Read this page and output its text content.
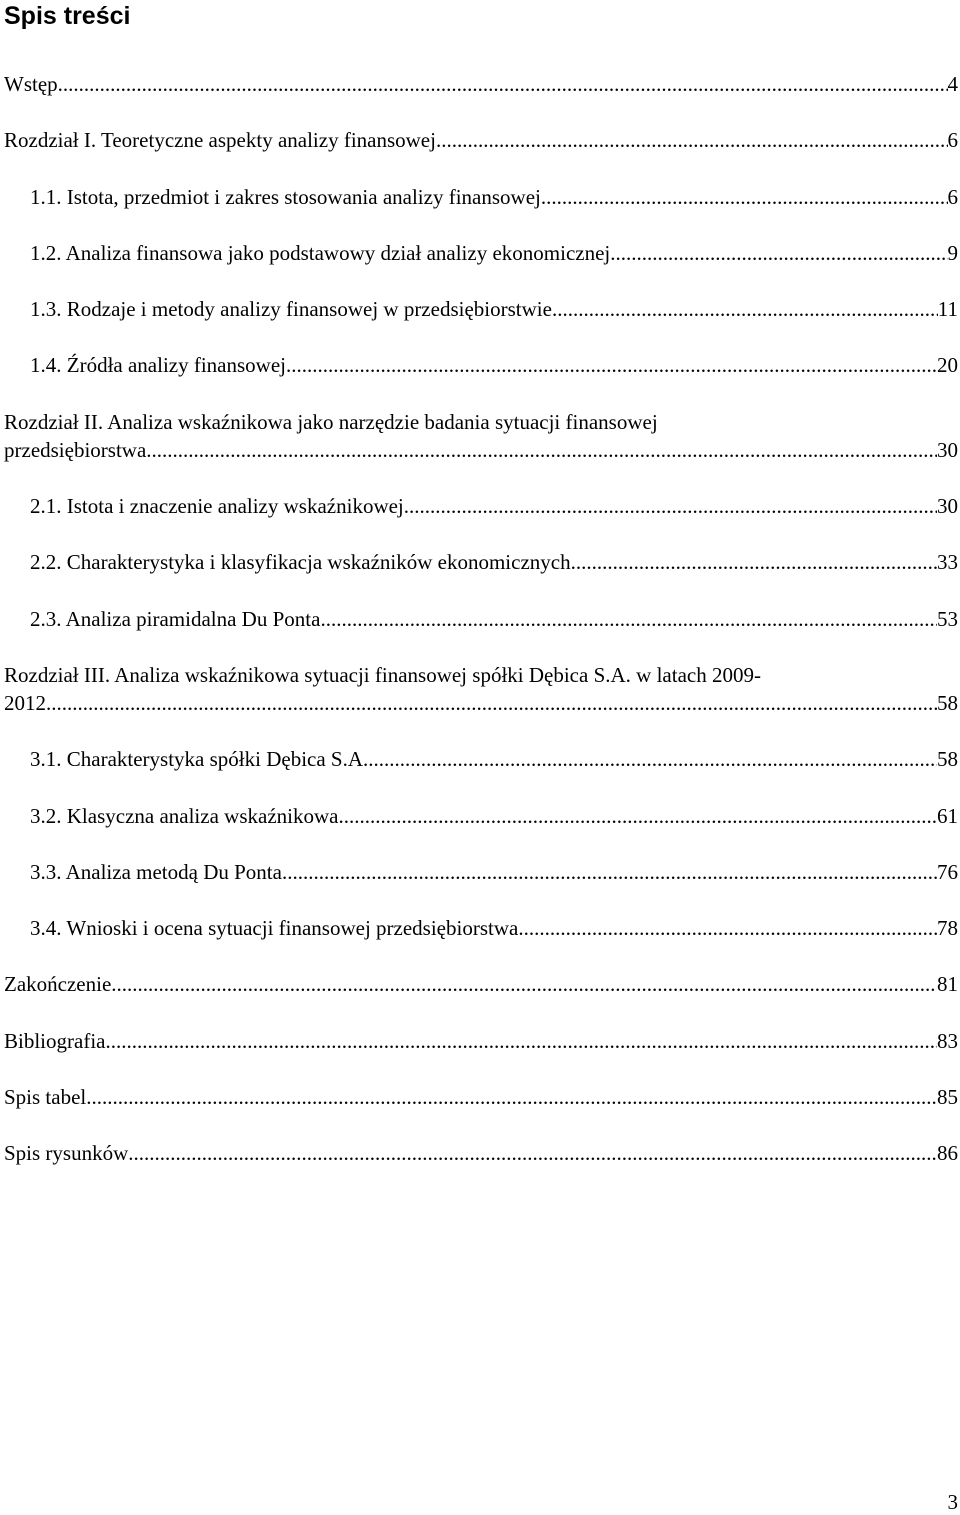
Spis treści
Wstęp .....	4
Rozdział I. Teoretyczne aspekty analizy finansowej .....	6
1.1. Istota, przedmiot i zakres stosowania analizy finansowej .....	6
1.2. Analiza finansowa jako podstawowy dział analizy ekonomicznej .....	9
1.3. Rodzaje i metody analizy finansowej w przedsiębiorstwie .....	11
1.4. Źródła analizy finansowej .....	20
Rozdział II. Analiza wskaźnikowa jako narzędzie badania sytuacji finansowej
przedsiębiorstwa .....	30
2.1. Istota i znaczenie analizy wskaźnikowej .....	30
2.2. Charakterystyka i klasyfikacja wskaźników ekonomicznych .....	33
2.3. Analiza piramidalna Du Ponta .....	53
Rozdział III. Analiza wskaźnikowa sytuacji finansowej spółki Dębica S.A. w latach 2009-
2012 .....	58
3.1. Charakterystyka spółki Dębica S.A. .....	58
3.2. Klasyczna analiza wskaźnikowa .....	61
3.3. Analiza metodą Du Ponta .....	76
3.4. Wnioski i ocena sytuacji finansowej przedsiębiorstwa .....	78
Zakończenie .....	81
Bibliografia .....	83
Spis tabel .....	85
Spis rysunków .....	86

3
